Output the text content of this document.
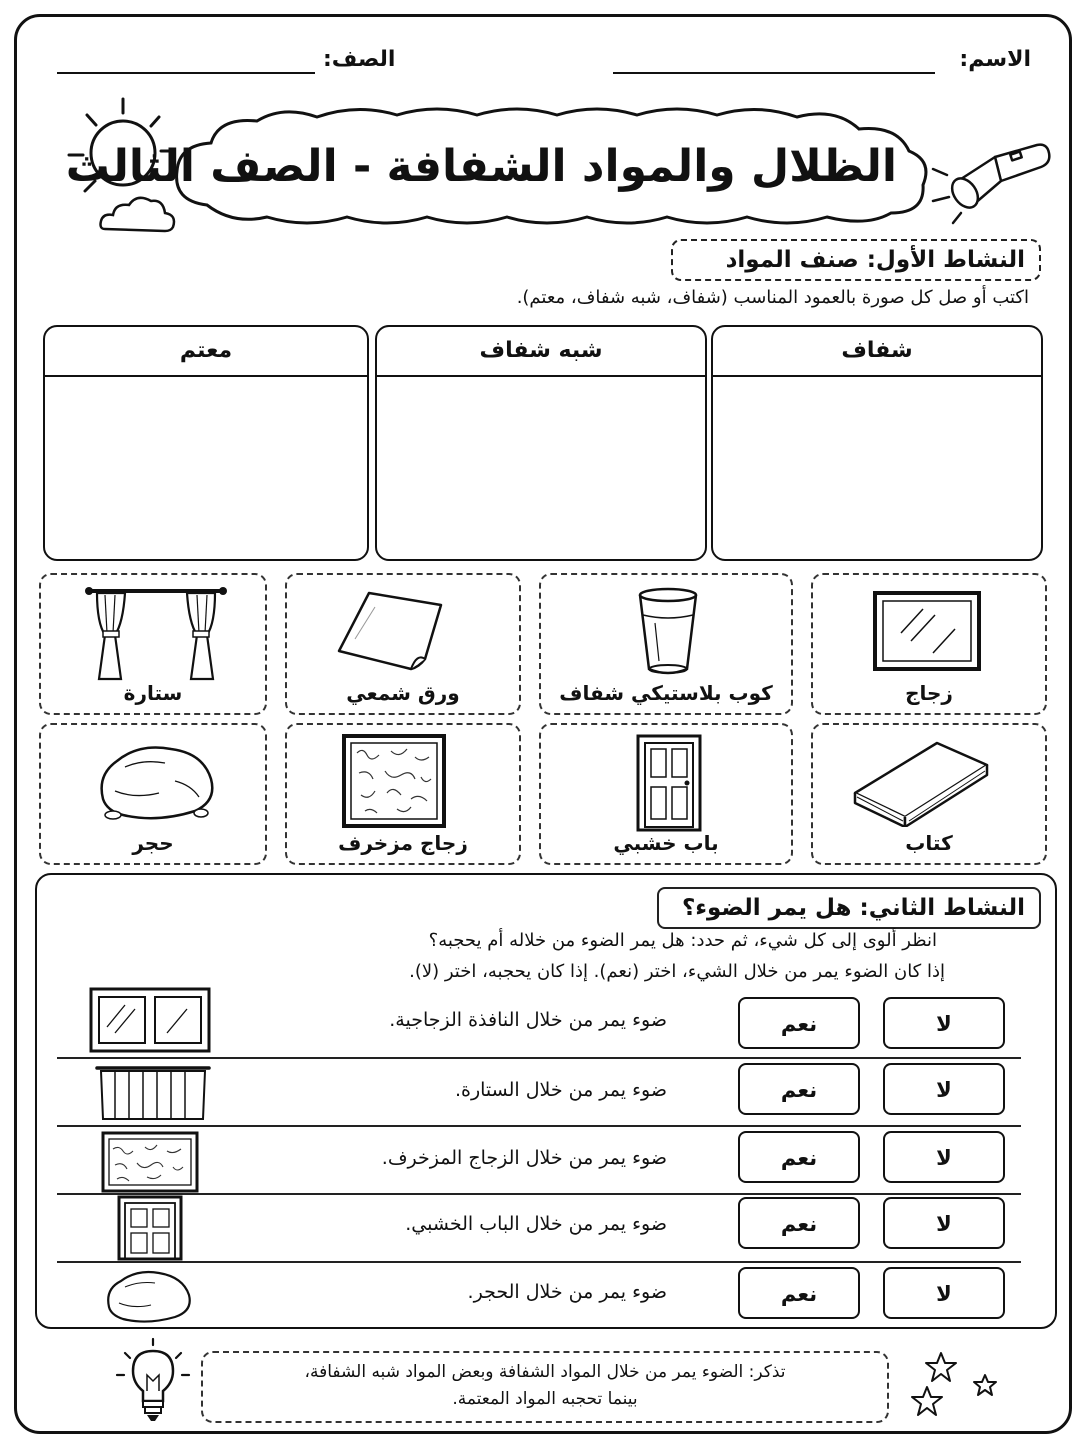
الاسم:
الصف:
الظلال والمواد الشفافة - الصف الثالث
النشاط الأول: صنف المواد
اكتب أو صل كل صورة بالعمود المناسب (شفاف، شبه شفاف، معتم).
شفاف
شبه شفاف
معتم
زجاج
كوب بلاستيكي شفاف
ورق شمعي
ستارة
كتاب
باب خشبي
زجاج مزخرف
حجر
النشاط الثاني: هل يمر الضوء؟
انظر ألوى إلى كل شيء، ثم حدد: هل يمر الضوء من خلاله أم يحجبه؟
إذا كان الضوء يمر من خلال الشيء، اختر (نعم). إذا كان يحجبه، اختر (لا).
ضوء يمر من خلال النافذة الزجاجية.	نعم	لا
ضوء يمر من خلال الستارة.	نعم	لا
ضوء يمر من خلال الزجاج المزخرف.	نعم	لا
ضوء يمر من خلال الباب الخشبي.	نعم	لا
ضوء يمر من خلال الحجر.	نعم	لا
تذكر: الضوء يمر من خلال المواد الشفافة وبعض المواد شبه الشفافة،
بينما تحجبه المواد المعتمة.
